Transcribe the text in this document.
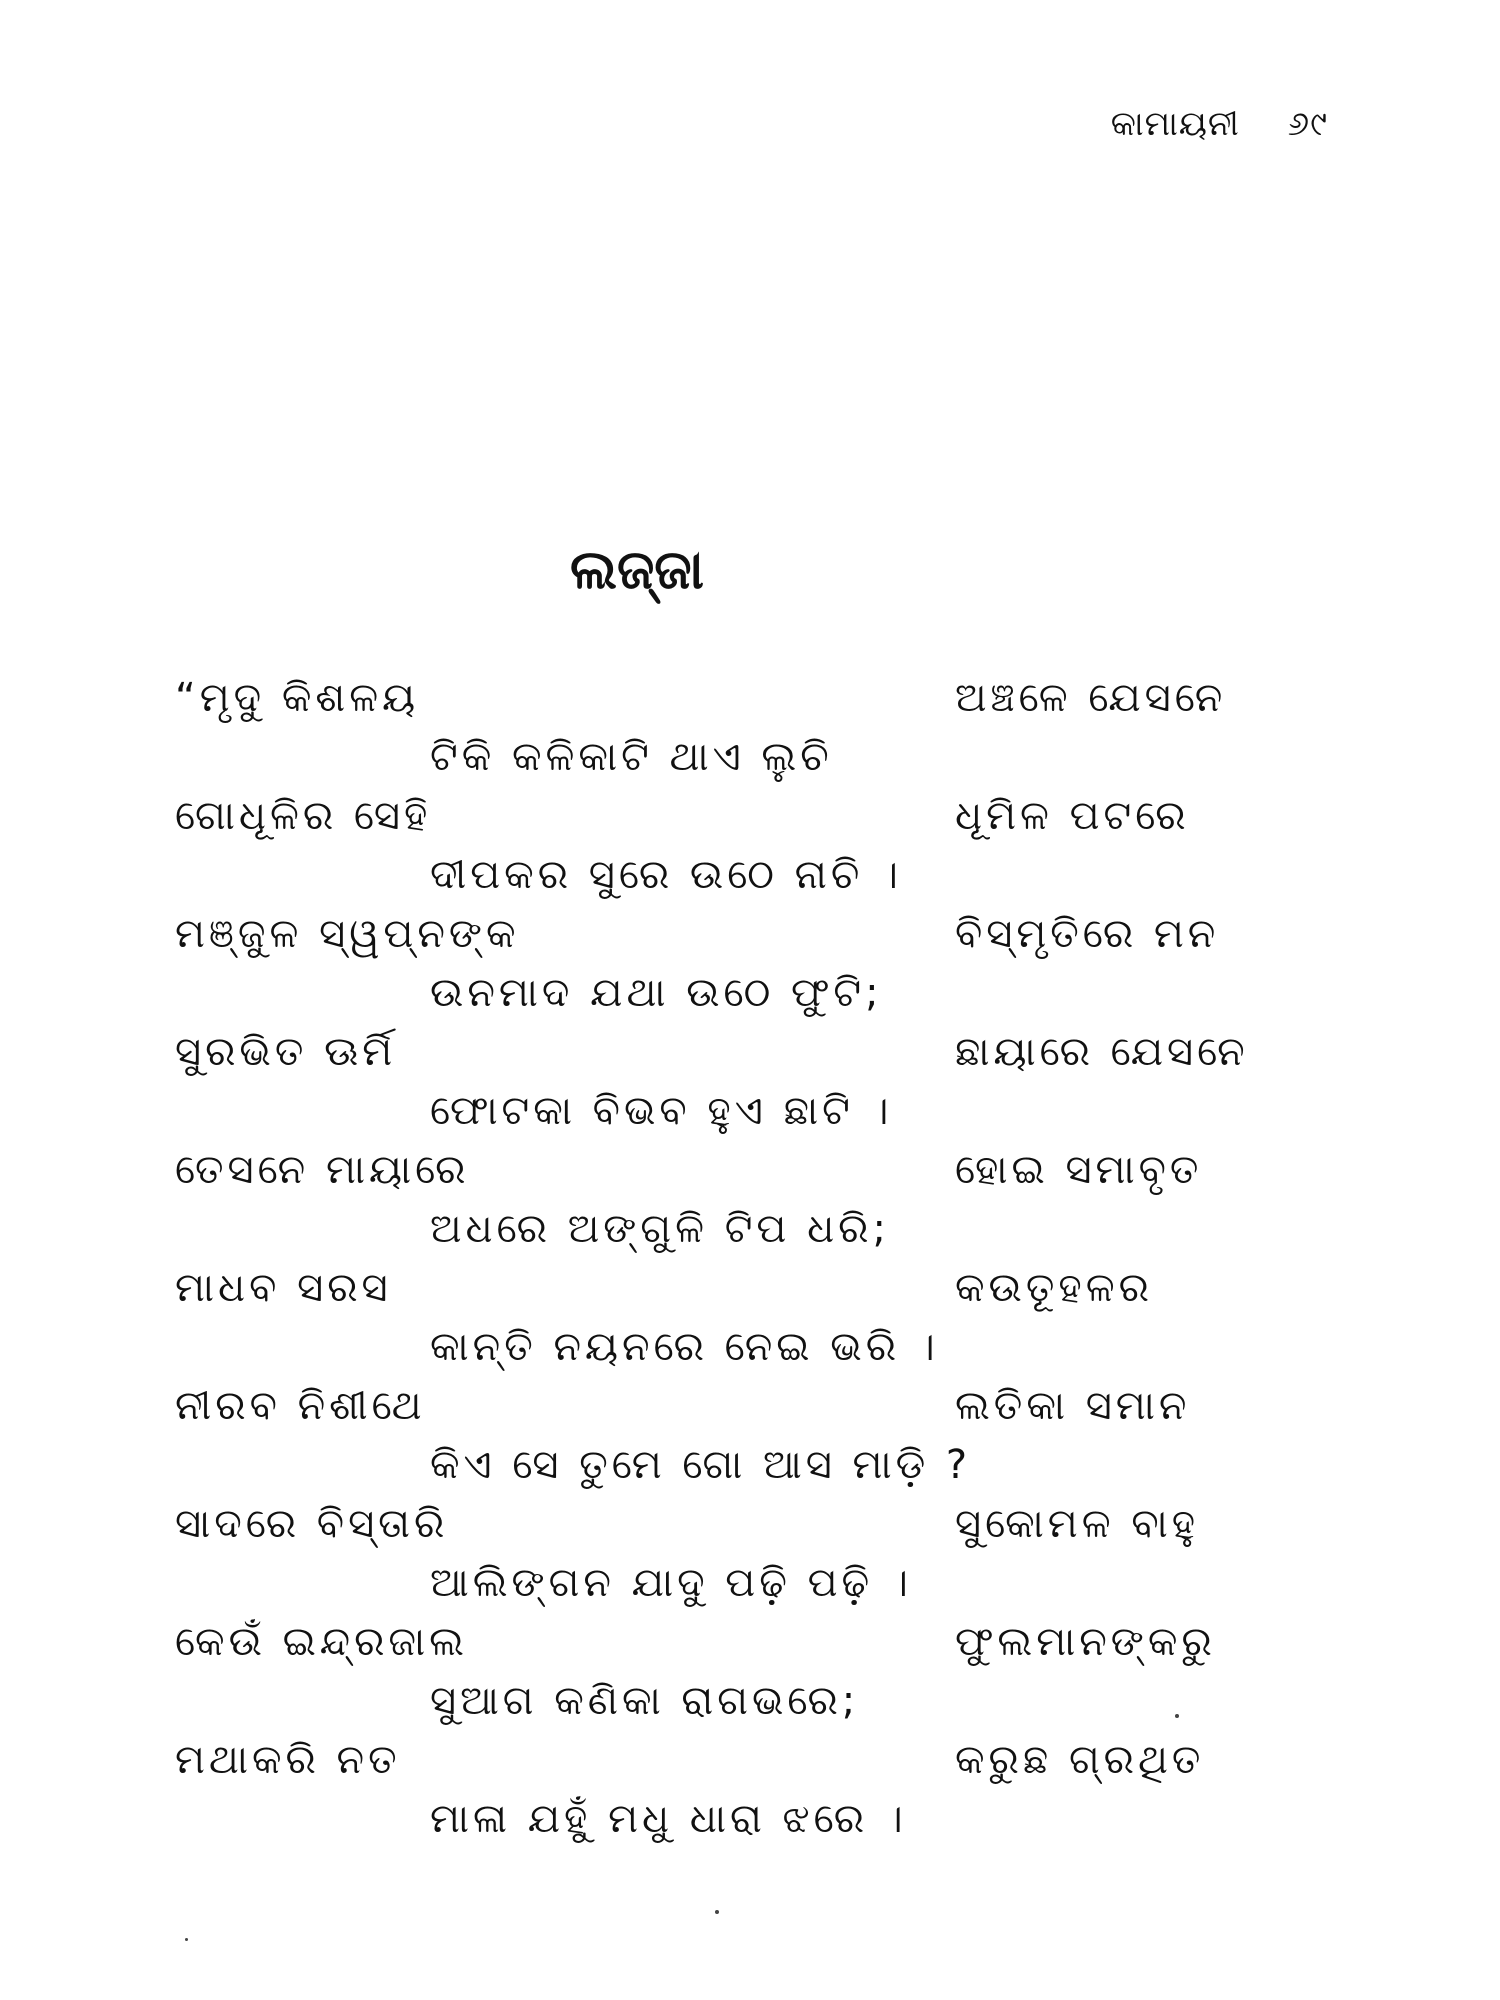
କାମାୟନୀ ୬୯
ଲଜ୍ଜା
“ମୃଦୁ କିଶଳୟ	ଅଞ୍ଚଳେ ଯେସନେ
ଟିକି କଳିକାଟି ଥାଏ ଲୁଚି
ଗୋଧୂଳିର ସେହି	ଧୂମିଳ ପଟରେ
ଦୀପକର ସୁରେ ଉଠେ ନାଚି ।
ମଞ୍ଜୁଳ ସ୍ୱପ୍ନଙ୍କ	ବିସ୍ମୃତିରେ ମନ
ଉନମାଦ ଯଥା ଉଠେ ଫୁଟି;
ସୁରଭିତ ଊର୍ମି	ଛାୟାରେ ଯେସନେ
ଫୋଟକା ବିଭବ ହୁଏ ଛାଟି ।
ତେସନେ ମାୟାରେ	ହୋଇ ସମାବୃତ
ଅଧରେ ଅଙ୍ଗୁଳି ଟିପ ଧରି;
ମାଧବ ସରସ	କଉତୂହଳର
କାନ୍ତି ନୟନରେ ନେଇ ଭରି ।
ନୀରବ ନିଶୀଥେ	ଲତିକା ସମାନ
କିଏ ସେ ତୁମେ ଗୋ ଆସ ମାଡ଼ି ?
ସାଦରେ ବିସ୍ତାରି	ସୁକୋମଳ ବାହୁ
ଆଲିଙ୍ଗନ ଯାଦୁ ପଢ଼ି ପଢ଼ି ।
କେଉଁ ଇନ୍ଦ୍ରଜାଲ	ଫୁଲମାନଙ୍କରୁ
ସୁଆଗ କଣିକା ରାଗଭରେ;
ମଥାକରି ନତ	କରୁଛ ଗ୍ରଥିତ
ମାଳା ଯହୁଁ ମଧୁ ଧାରା ଝରେ ।
